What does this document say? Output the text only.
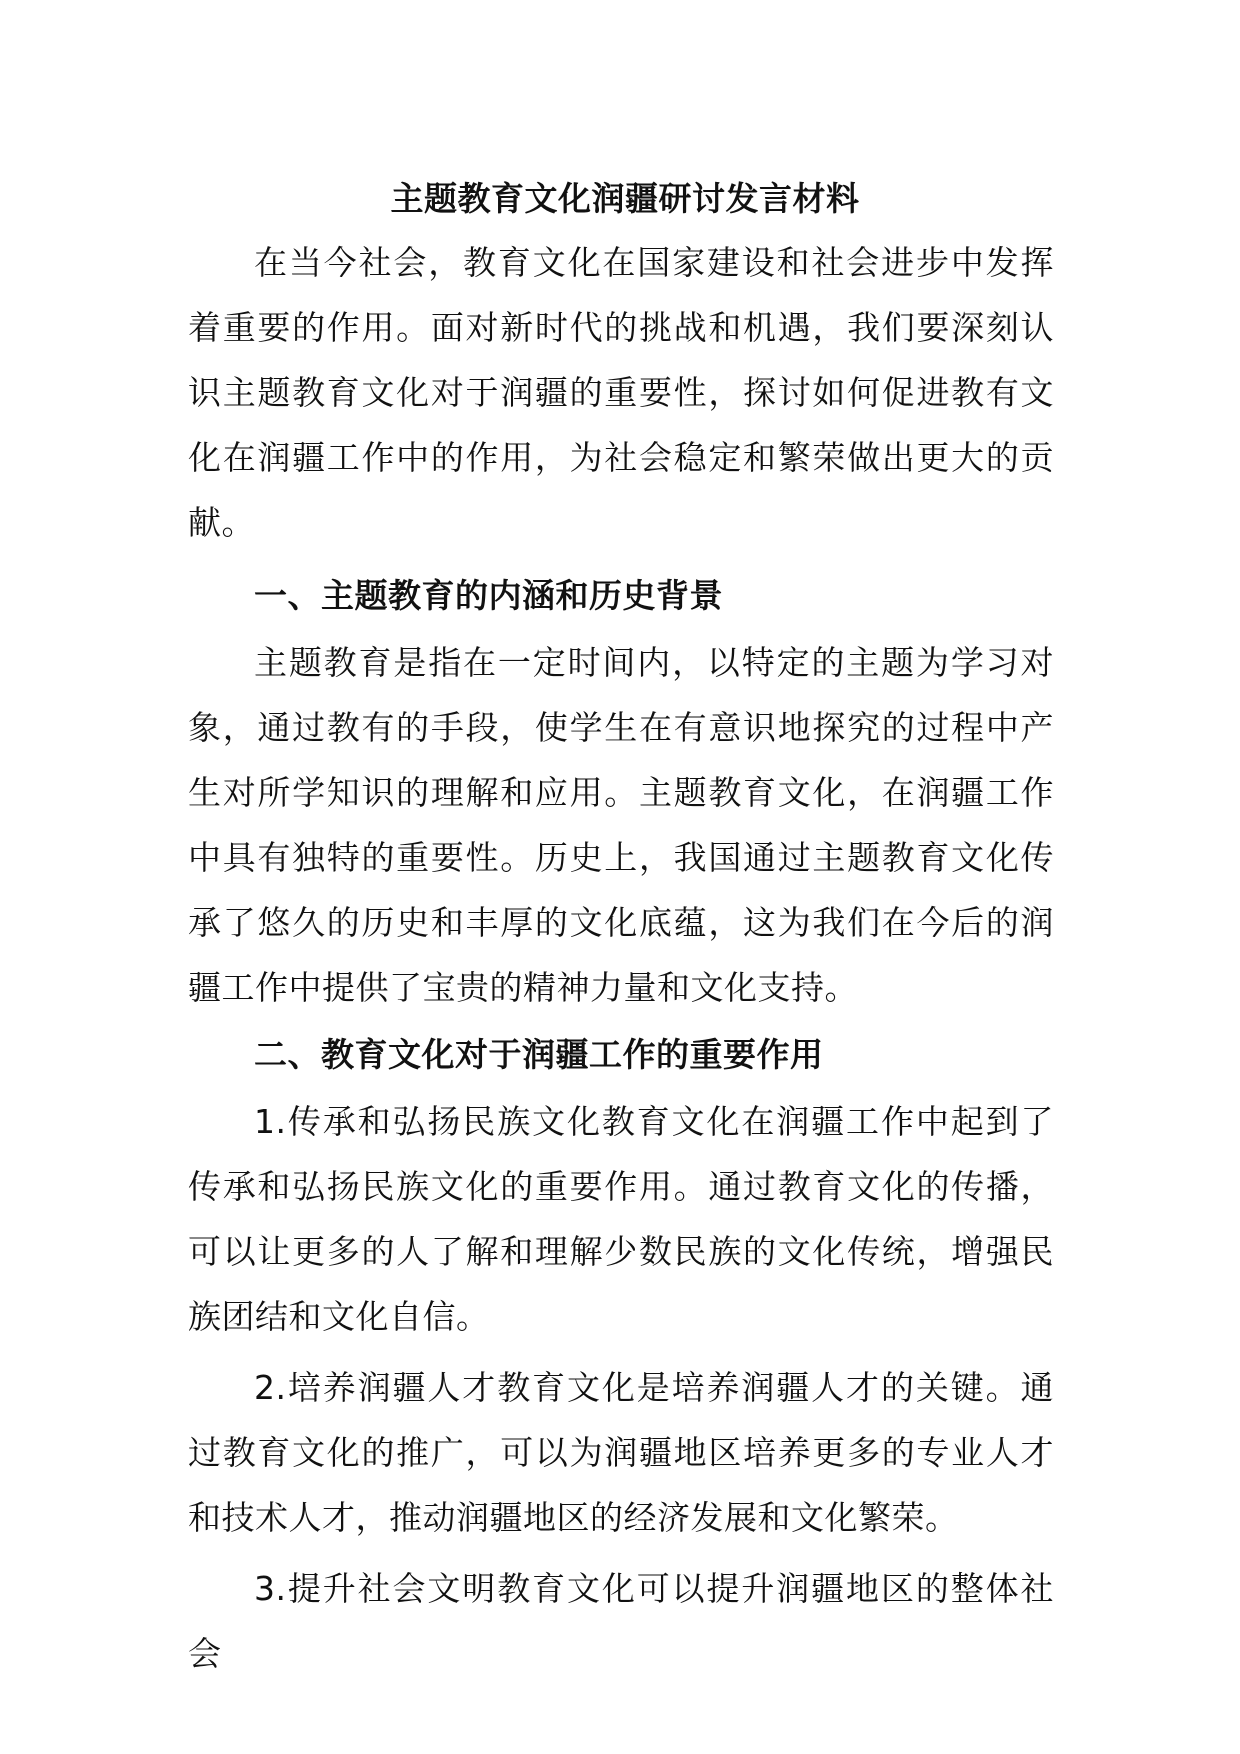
主题教育文化润疆研讨发言材料

在当今社会，教育文化在国家建设和社会进步中发挥着重要的作用。面对新时代的挑战和机遇，我们要深刻认识主题教育文化对于润疆的重要性，探讨如何促进教有文化在润疆工作中的作用，为社会稳定和繁荣做出更大的贡献。

一、主题教育的内涵和历史背景

主题教育是指在一定时间内，以特定的主题为学习对象，通过教有的手段，使学生在有意识地探究的过程中产生对所学知识的理解和应用。主题教育文化，在润疆工作中具有独特的重要性。历史上，我国通过主题教育文化传承了悠久的历史和丰厚的文化底蕴，这为我们在今后的润疆工作中提供了宝贵的精神力量和文化支持。

二、教育文化对于润疆工作的重要作用

1.传承和弘扬民族文化教育文化在润疆工作中起到了传承和弘扬民族文化的重要作用。通过教育文化的传播，可以让更多的人了解和理解少数民族的文化传统，增强民族团结和文化自信。

2.培养润疆人才教育文化是培养润疆人才的关键。通过教育文化的推广，可以为润疆地区培养更多的专业人才和技术人才，推动润疆地区的经济发展和文化繁荣。

3.提升社会文明教育文化可以提升润疆地区的整体社会
